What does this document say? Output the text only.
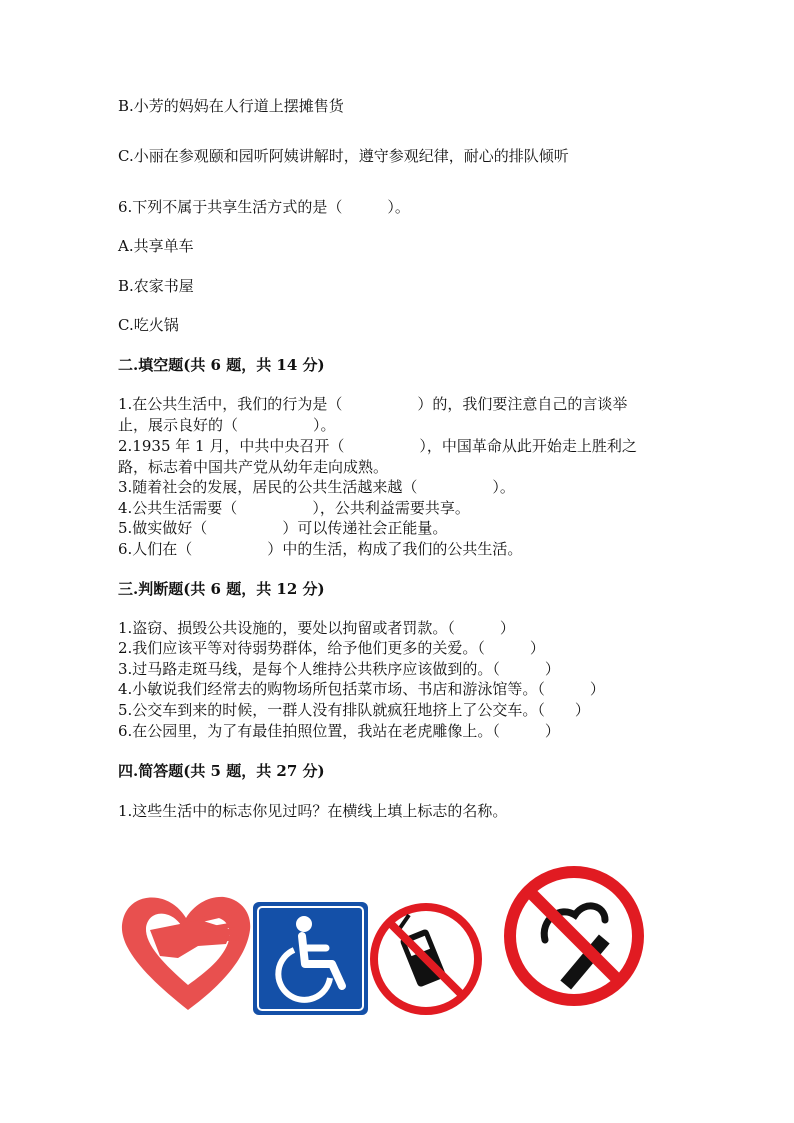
B.小芳的妈妈在人行道上摆摊售货
C.小丽在参观颐和园听阿姨讲解时，遵守参观纪律，耐心的排队倾听
6.下列不属于共享生活方式的是（　　　）。
A.共享单车
B.农家书屋
C.吃火锅
二.填空题(共 6 题，共 14 分)
1.在公共生活中，我们的行为是（　　　　　）的，我们要注意自己的言谈举
止，展示良好的（　　　　　）。
2.1935 年 1 月，中共中央召开（　　　　　），中国革命从此开始走上胜利之
路，标志着中国共产党从幼年走向成熟。
3.随着社会的发展，居民的公共生活越来越（　　　　　）。
4.公共生活需要（　　　　　），公共利益需要共享。
5.做实做好（　　　　　）可以传递社会正能量。
6.人们在（　　　　　）中的生活，构成了我们的公共生活。
三.判断题(共 6 题，共 12 分)
1.盗窃、损毁公共设施的，要处以拘留或者罚款。（　　　）
2.我们应该平等对待弱势群体，给予他们更多的关爱。（　　　）
3.过马路走斑马线，是每个人维持公共秩序应该做到的。（　　　）
4.小敏说我们经常去的购物场所包括菜市场、书店和游泳馆等。（　　　）
5.公交车到来的时候，一群人没有排队就疯狂地挤上了公交车。（　　）
6.在公园里，为了有最佳拍照位置，我站在老虎雕像上。（　　　）
四.简答题(共 5 题，共 27 分)
1.这些生活中的标志你见过吗？在横线上填上标志的名称。
